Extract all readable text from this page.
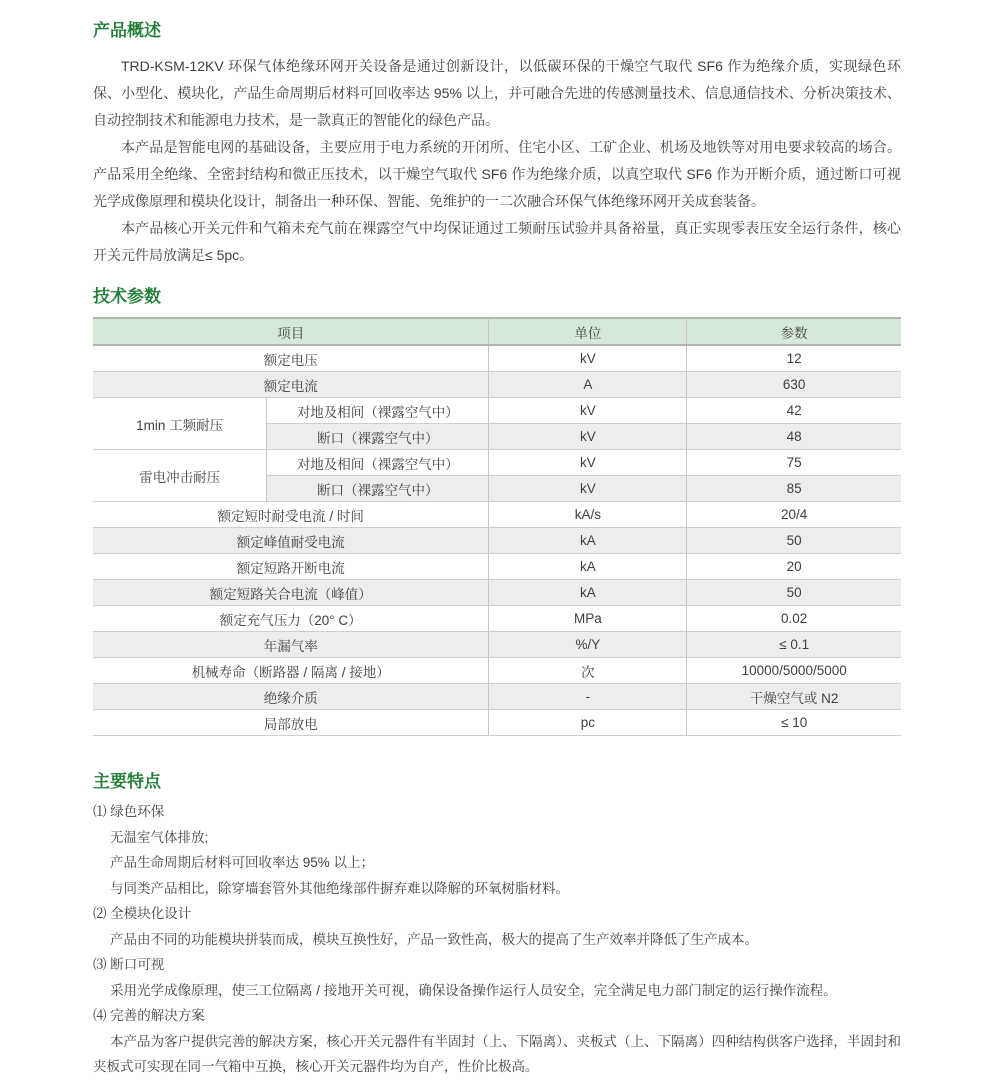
产品概述

TRD-KSM-12KV 环保气体绝缘环网开关设备是通过创新设计，以低碳环保的干燥空气取代 SF6 作为绝缘介质，实现绿色环保、小型化、模块化，产品生命周期后材料可回收率达 95% 以上，并可融合先进的传感测量技术、信息通信技术、分析决策技术、自动控制技术和能源电力技术，是一款真正的智能化的绿色产品。

本产品是智能电网的基础设备，主要应用于电力系统的开闭所、住宅小区、工矿企业、机场及地铁等对用电要求较高的场合。产品采用全绝缘、全密封结构和微正压技术，以干燥空气取代 SF6 作为绝缘介质，以真空取代 SF6 作为开断介质，通过断口可视光学成像原理和模块化设计，制备出一种环保、智能、免维护的一二次融合环保气体绝缘环网开关成套装备。

本产品核心开关元件和气箱未充气前在裸露空气中均保证通过工频耐压试验并具备裕量，真正实现零表压安全运行条件，核心开关元件局放满足≤ 5pc。

技术参数
项目		单位	参数
额定电压		kV	12
额定电流		A	630
1min 工频耐压	对地及相间（裸露空气中）	kV	42
	断口（裸露空气中）	kV	48
雷电冲击耐压	对地及相间（裸露空气中）	kV	75
	断口（裸露空气中）	kV	85
额定短时耐受电流 / 时间		kA/s	20/4
额定峰值耐受电流		kA	50
额定短路开断电流		kA	20
额定短路关合电流（峰值）		kA	50
额定充气压力（20° C）		MPa	0.02
年漏气率		%/Y	≤ 0.1
机械寿命（断路器 / 隔离 / 接地）		次	10000/5000/5000
绝缘介质		-	干燥空气或 N2
局部放电		pc	≤ 10
主要特点

⑴ 绿色环保

无温室气体排放;

产品生命周期后材料可回收率达 95% 以上；

与同类产品相比，除穿墙套管外其他绝缘部件摒弃难以降解的环氧树脂材料。

⑵ 全模块化设计

产品由不同的功能模块拼装而成，模块互换性好，产品一致性高，极大的提高了生产效率并降低了生产成本。

⑶ 断口可视

采用光学成像原理，使三工位隔离 / 接地开关可视，确保设备操作运行人员安全，完全满足电力部门制定的运行操作流程。

⑷ 完善的解决方案

本产品为客户提供完善的解决方案，核心开关元器件有半固封（上、下隔离）、夹板式（上、下隔离）四种结构供客户选择，半固封和夹板式可实现在同一气箱中互换，核心开关元器件均为自产，性价比极高。
